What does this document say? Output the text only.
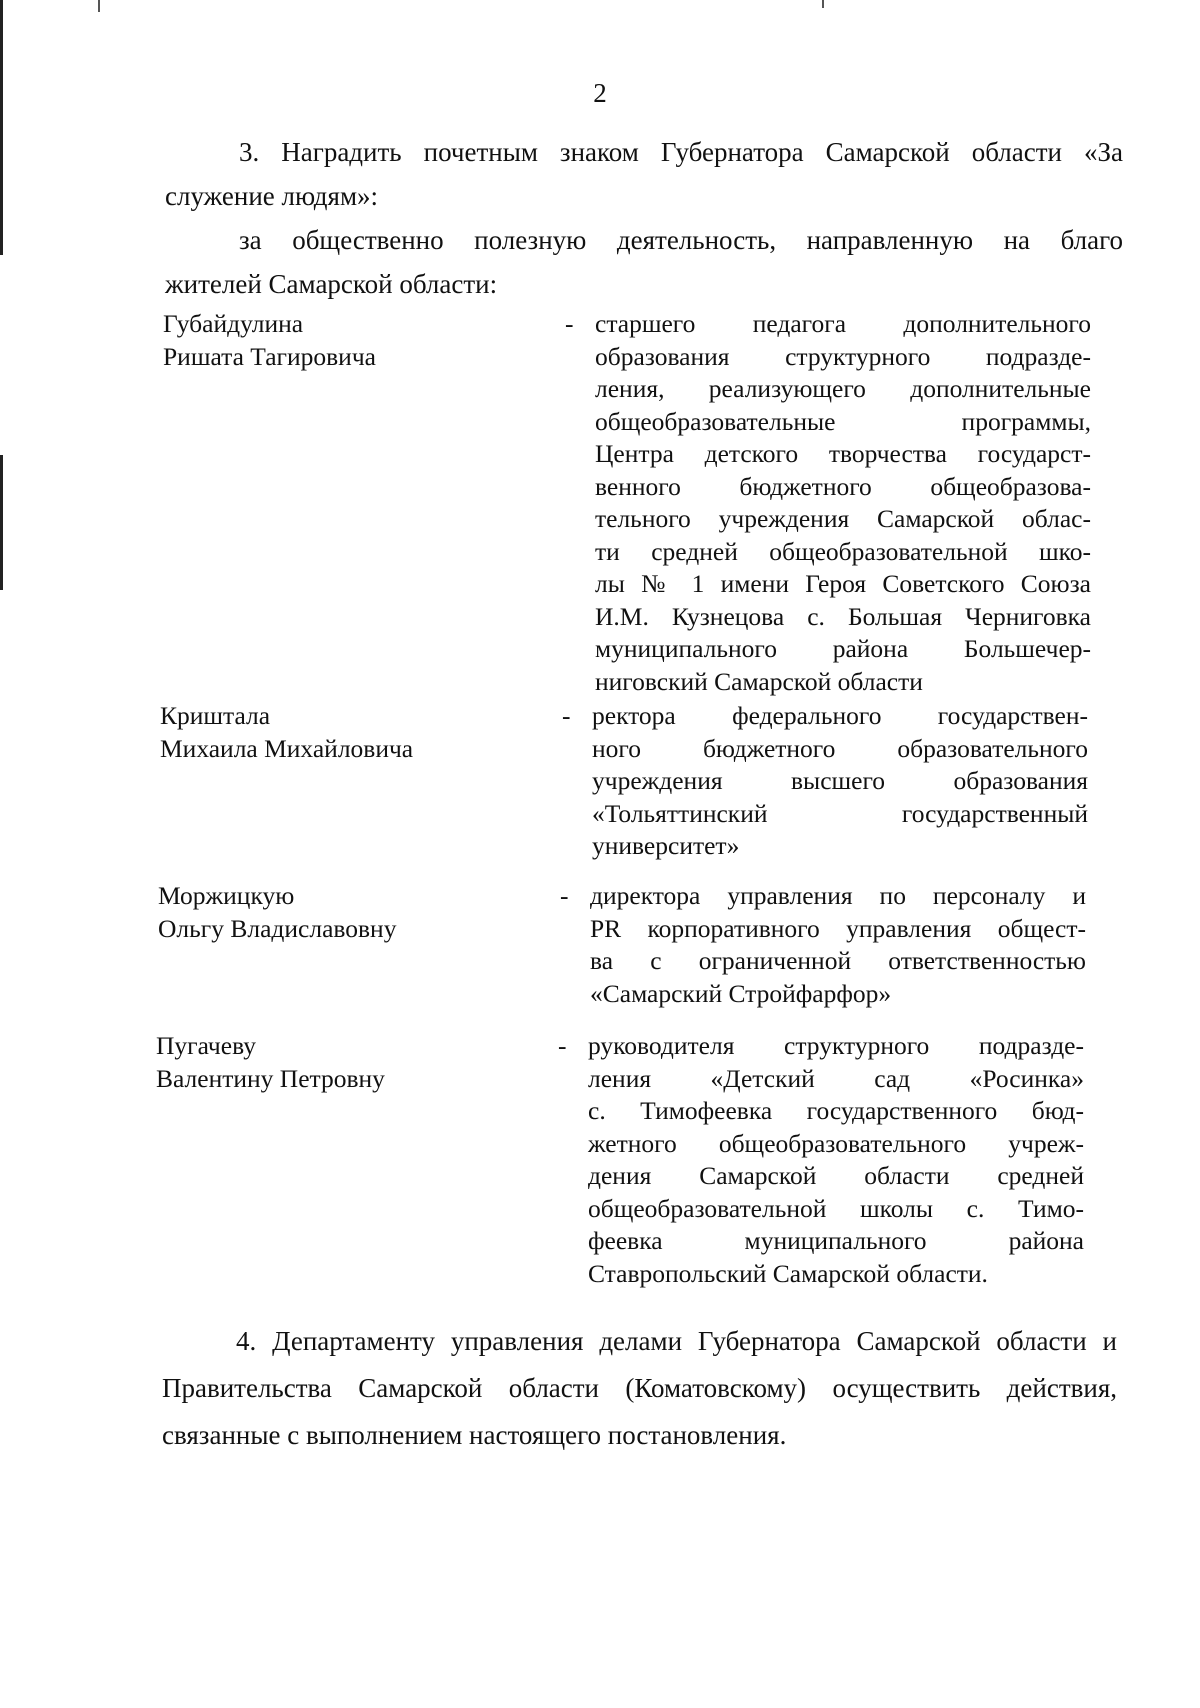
2
3. Наградить почетным знаком Губернатора Самарской области «За
служение людям»:
за общественно полезную деятельность, направленную на благо
жителей Самарской области:
Губайдулина
Ришата Тагировича
- старшего педагога дополнительного
образования структурного подразде-
ления, реализующего дополнительные
общеобразовательные программы,
Центра детского творчества государст-
венного бюджетного общеобразова-
тельного учреждения Самарской облас-
ти средней общеобразовательной шко-
лы № 1 имени Героя Советского Союза
И.М. Кузнецова с. Большая Черниговка
муниципального района Большечер-
ниговский Самарской области
Криштала
Михаила Михайловича
- ректора федерального государствен-
ного бюджетного образовательного
учреждения высшего образования
«Тольяттинский государственный
университет»
Моржицкую
Ольгу Владиславовну
- директора управления по персоналу и
PR корпоративного управления общест-
ва с ограниченной ответственностью
«Самарский Стройфарфор»
Пугачеву
Валентину Петровну
- руководителя структурного подразде-
ления «Детский сад «Росинка»
с. Тимофеевка государственного бюд-
жетного общеобразовательного учреж-
дения Самарской области средней
общеобразовательной школы с. Тимо-
феевка муниципального района
Ставропольский Самарской области.
4. Департаменту управления делами Губернатора Самарской области и
Правительства Самарской области (Коматовскому) осуществить действия,
связанные с выполнением настоящего постановления.
